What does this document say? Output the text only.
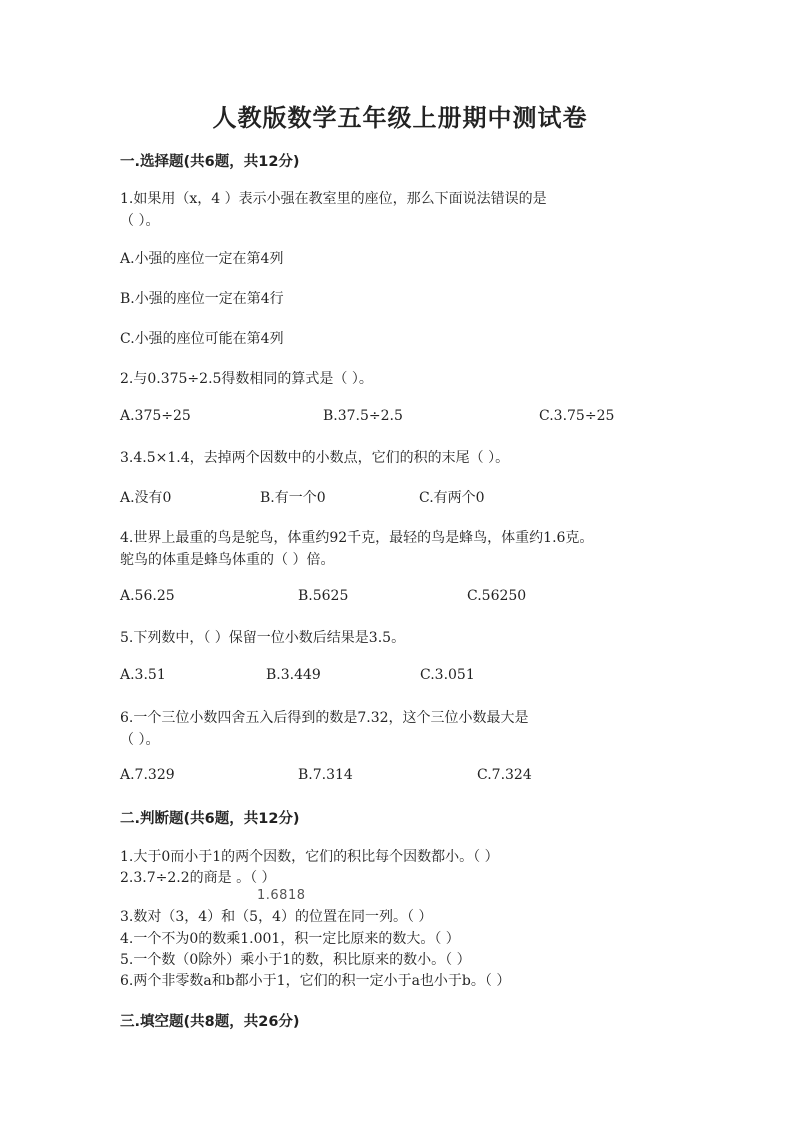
人教版数学五年级上册期中测试卷
一.选择题(共6题，共12分)
1.如果用（x，4 ）表示小强在教室里的座位，那么下面说法错误的是
（ ）。
A.小强的座位一定在第4列
B.小强的座位一定在第4行
C.小强的座位可能在第4列
2.与0.375÷2.5得数相同的算式是（ ）。
A.375÷25	B.37.5÷2.5	C.3.75÷25
3.4.5×1.4，去掉两个因数中的小数点，它们的积的末尾（ ）。
A.没有0	B.有一个0	C.有两个0
4.世界上最重的鸟是鸵鸟，体重约92千克，最轻的鸟是蜂鸟，体重约1.6克。
鸵鸟的体重是蜂鸟体重的（ ）倍。
A.56.25	B.5625	C.56250
5.下列数中，（ ）保留一位小数后结果是3.5。
A.3.51	B.3.449	C.3.051
6.一个三位小数四舍五入后得到的数是7.32，这个三位小数最大是
（ ）。
A.7.329	B.7.314	C.7.324
二.判断题(共6题，共12分)
1.大于0而小于1的两个因数，它们的积比每个因数都小。（ ）
2.3.7÷2.2的商是 。（ ）
1.6818
3.数对（3，4）和（5，4）的位置在同一列。（ ）
4.一个不为0的数乘1.001，积一定比原来的数大。（ ）
5.一个数（0除外）乘小于1的数，积比原来的数小。（ ）
6.两个非零数a和b都小于1，它们的积一定小于a也小于b。（ ）
三.填空题(共8题，共26分)
